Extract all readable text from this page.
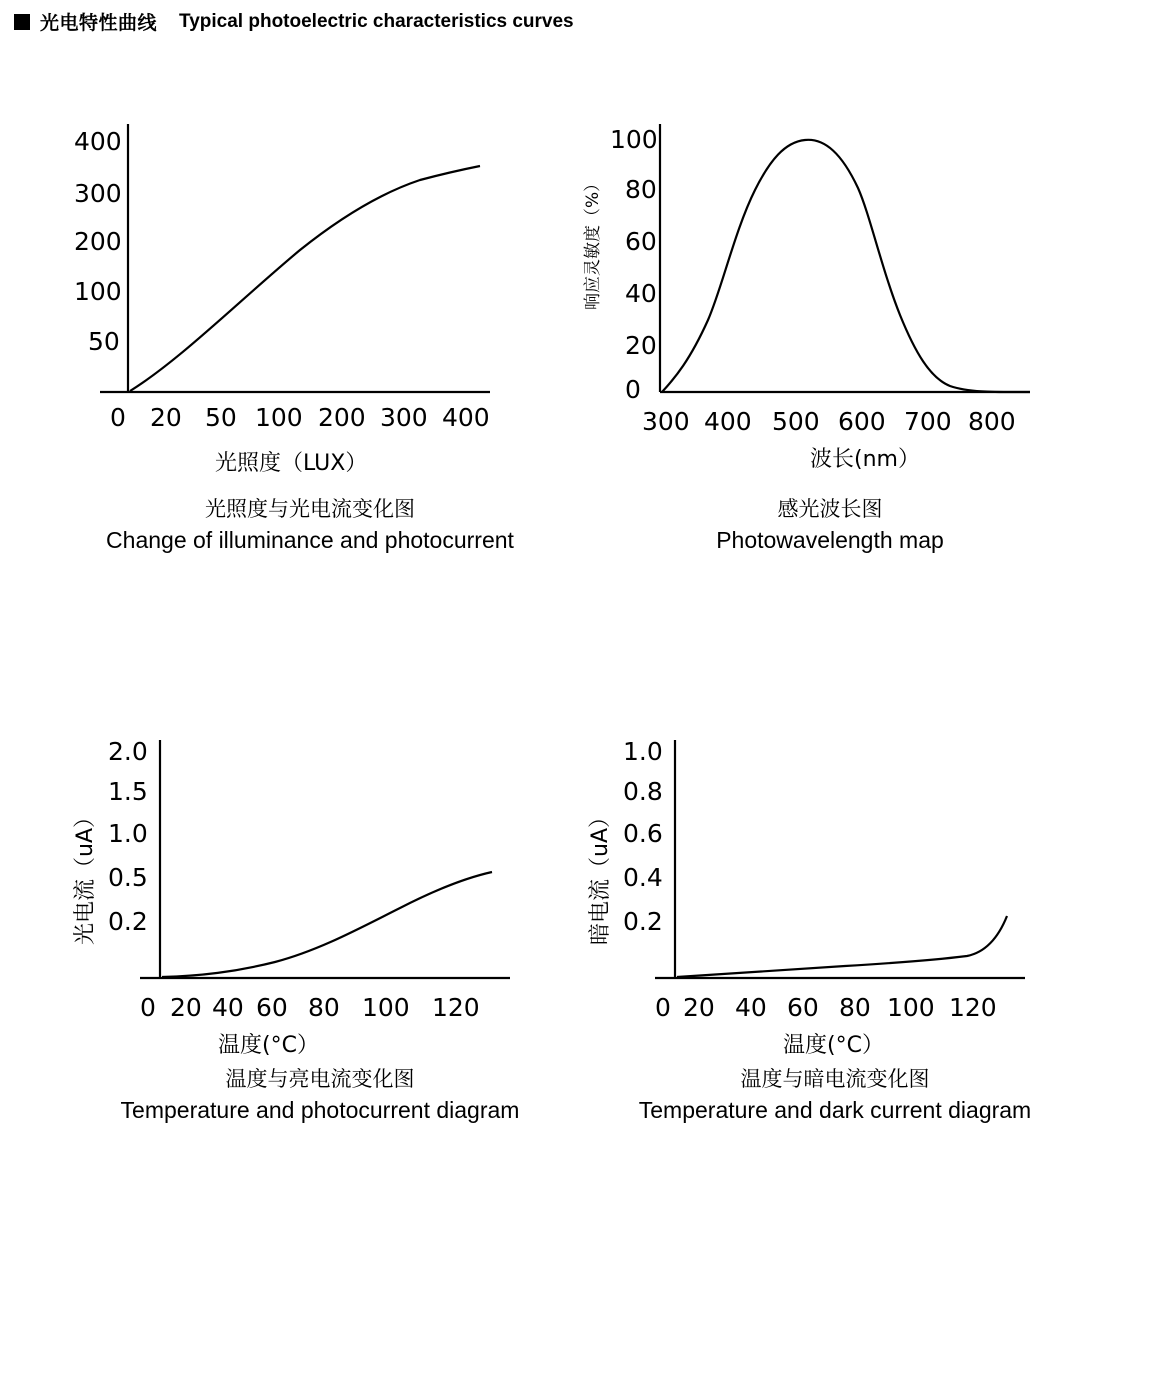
光电特性曲线 Typical photoelectric characteristics curves
400
300
200
100
50
0 20 50 100 200 300 400
光照度（LUX）
光照度与光电流变化图
Change of illuminance and photocurrent
响应灵敏度（%）
100
80
60
40
20
0
300 400 500 600 700 800
波长(nm）
感光波长图
Photowavelength map
光电流（uA）
2.0
1.5
1.0
0.5
0.2
0 20 40 60 80 100 120
温度(°C）
温度与亮电流变化图
Temperature and photocurrent diagram
暗电流（uA）
1.0
0.8
0.6
0.4
0.2
0 20 40 60 80 100 120
温度(°C）
温度与暗电流变化图
Temperature and dark current diagram
